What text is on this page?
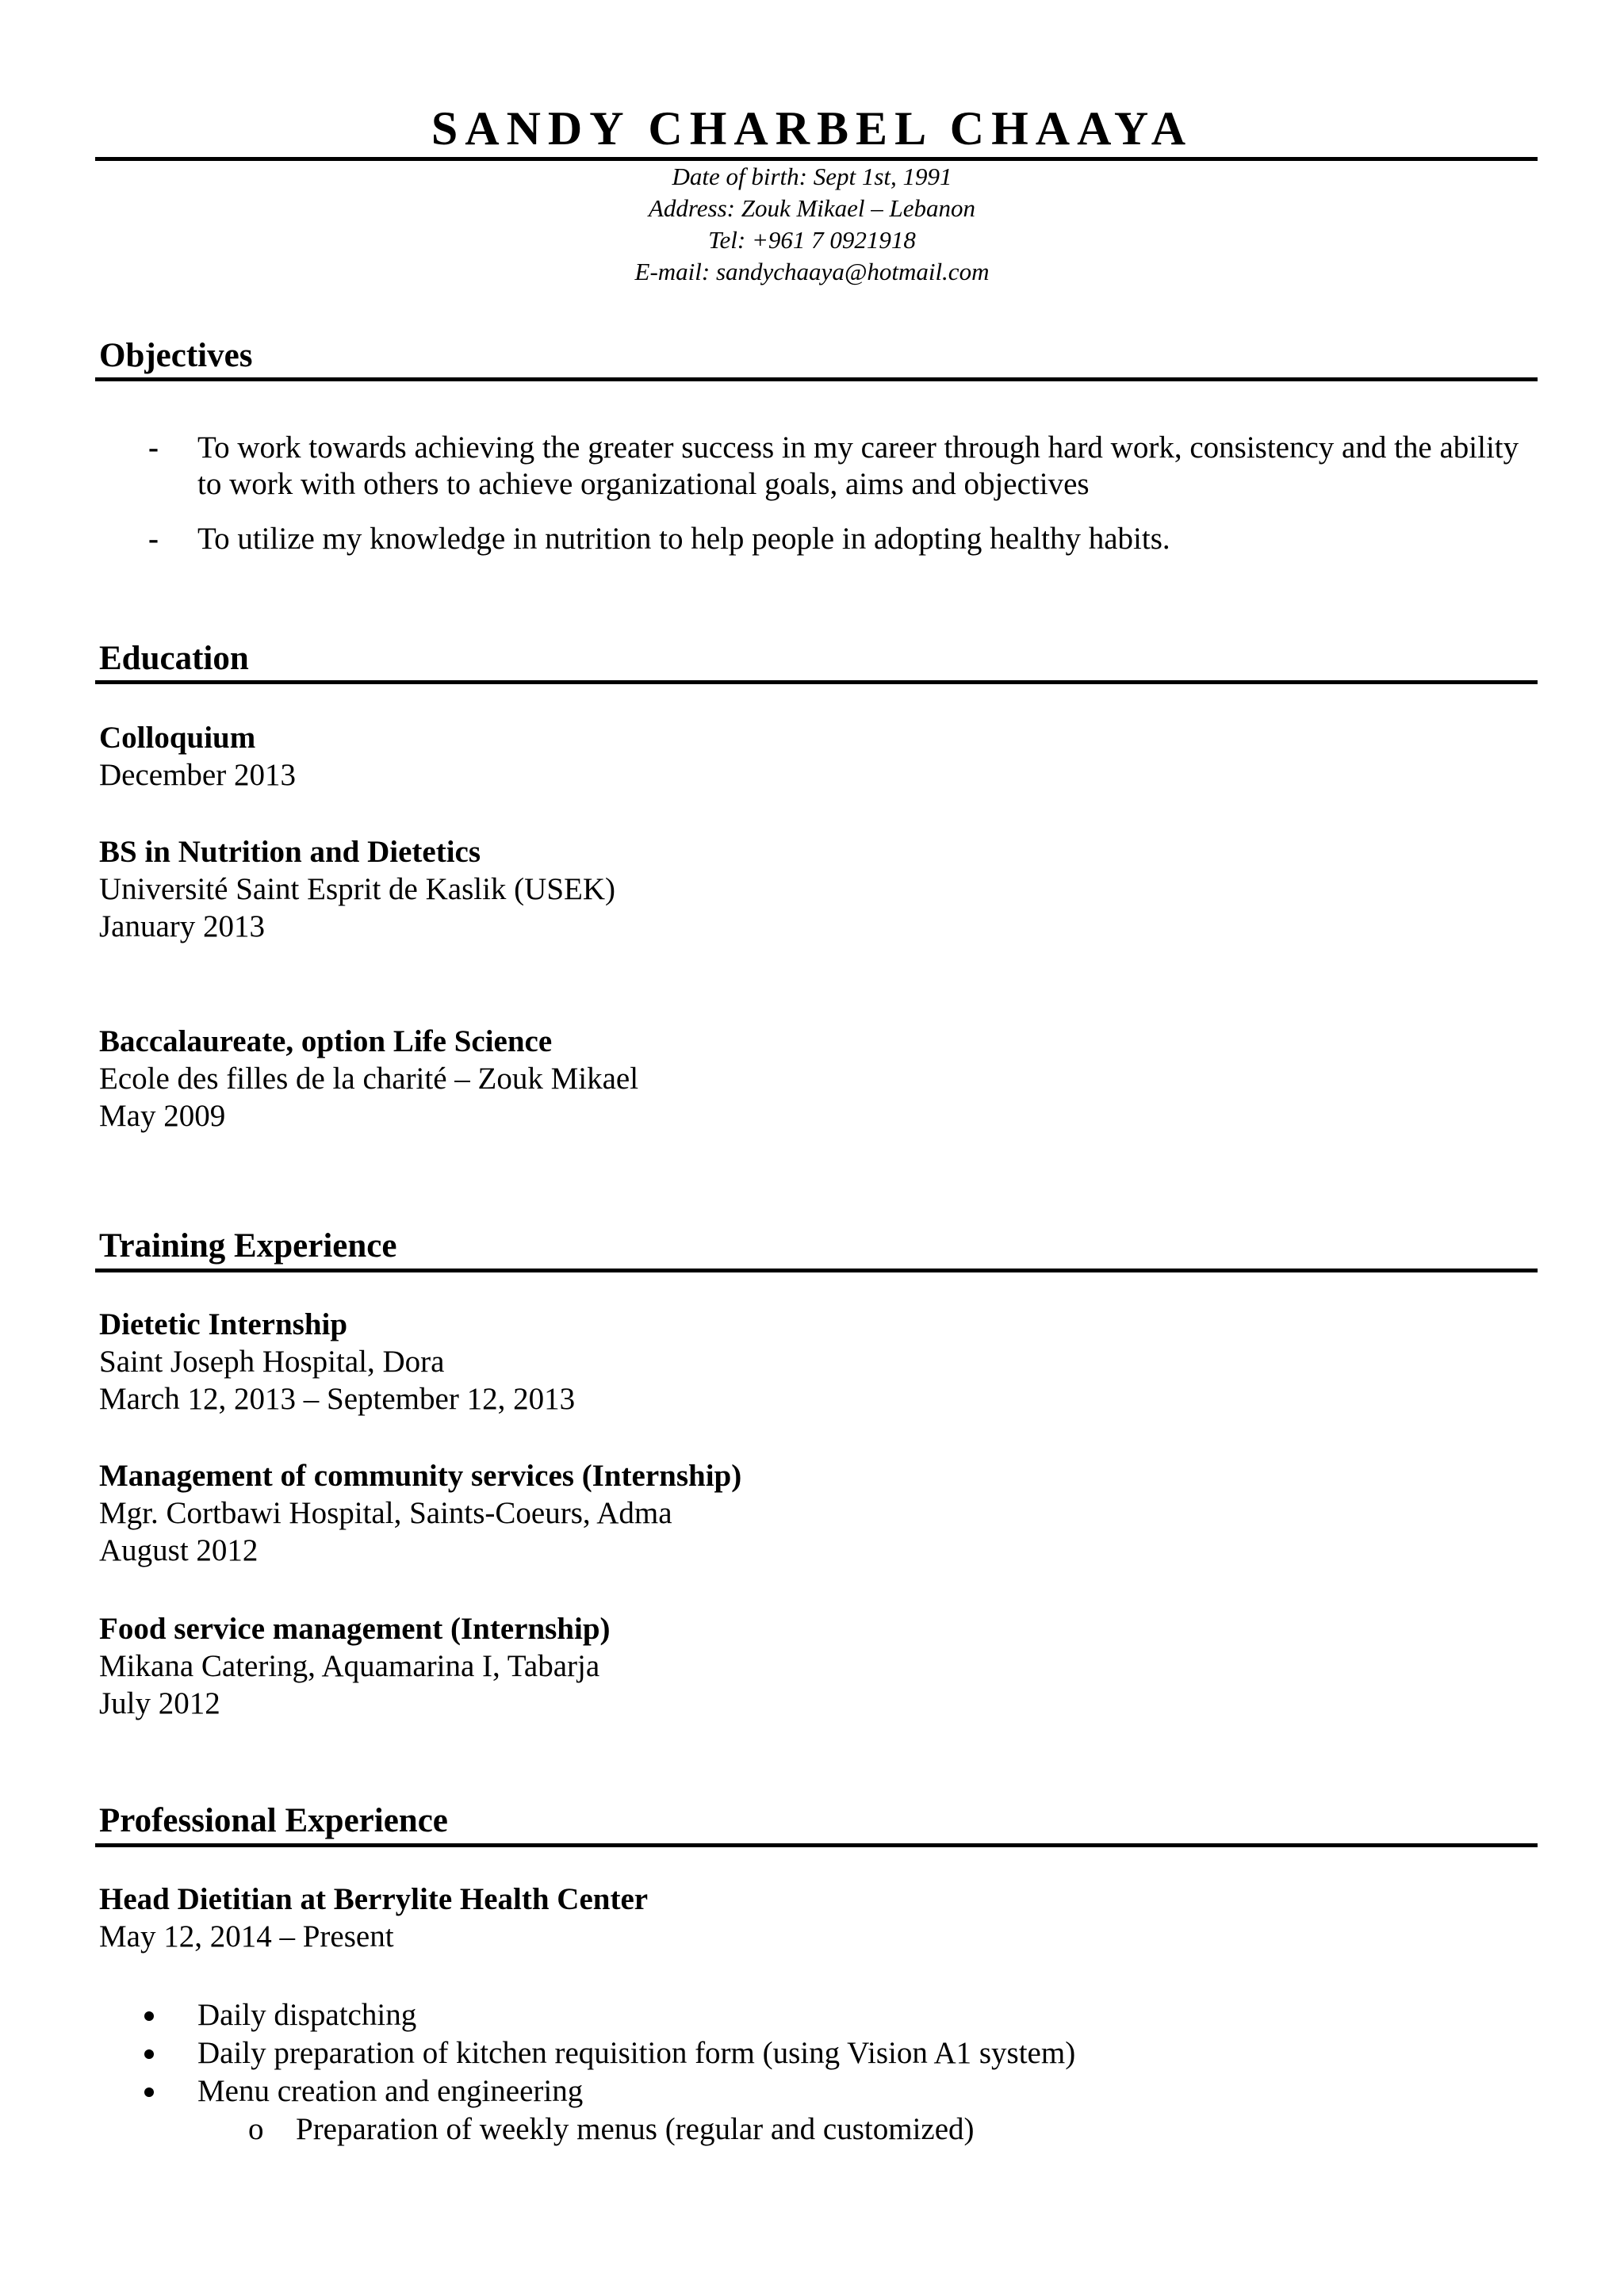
SANDY CHARBEL CHAAYA
Date of birth: Sept 1st, 1991
Address: Zouk Mikael – Lebanon
Tel: +961 7 0921918
E-mail: sandychaaya@hotmail.com
Objectives
- To work towards achieving the greater success in my career through hard work, consistency and the ability to work with others to achieve organizational goals, aims and objectives
- To utilize my knowledge in nutrition to help people in adopting healthy habits.
Education
Colloquium
December 2013
BS in Nutrition and Dietetics
Université Saint Esprit de Kaslik (USEK)
January 2013
Baccalaureate, option Life Science
Ecole des filles de la charité – Zouk Mikael
May 2009
Training Experience
Dietetic Internship
Saint Joseph Hospital, Dora
March 12, 2013 – September 12, 2013
Management of community services (Internship)
Mgr. Cortbawi Hospital, Saints-Coeurs, Adma
August 2012
Food service management (Internship)
Mikana Catering, Aquamarina I, Tabarja
July 2012
Professional Experience
Head Dietitian at Berrylite Health Center
May 12, 2014 – Present
Daily dispatching
Daily preparation of kitchen requisition form (using Vision A1 system)
Menu creation and engineering
o Preparation of weekly menus (regular and customized)
